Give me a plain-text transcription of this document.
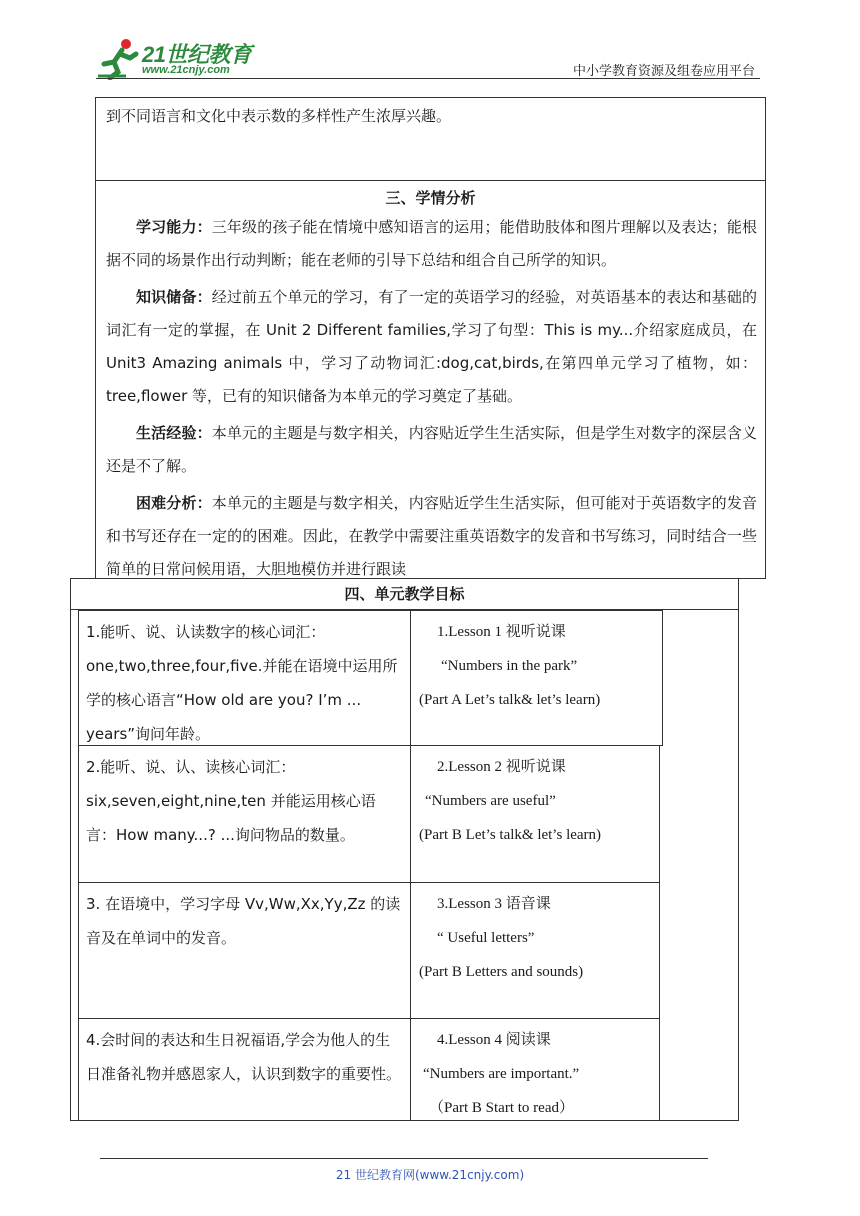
21世纪教育
www.21cnjy.com	中小学教育资源及组卷应用平台
到不同语言和文化中表示数的多样性产生浓厚兴趣。
三、学情分析

学习能力：三年级的孩子能在情境中感知语言的运用；能借助肢体和图片理解以及表达；能根据不同的场景作出行动判断；能在老师的引导下总结和组合自己所学的知识。

知识储备：经过前五个单元的学习，有了一定的英语学习的经验，对英语基本的表达和基础的词汇有一定的掌握，在 Unit 2 Different families,学习了句型：This is my...介绍家庭成员，在 Unit3 Amazing animals 中，学习了动物词汇:dog,cat,birds,在第四单元学习了植物，如：tree,flower 等，已有的知识储备为本单元的学习奠定了基础。

生活经验：本单元的主题是与数字相关，内容贴近学生生活实际，但是学生对数字的深层含义还是不了解。

困难分析：本单元的主题是与数字相关，内容贴近学生生活实际，但可能对于英语数字的发音和书写还存在一定的的困难。因此，在教学中需要注重英语数字的发音和书写练习，同时结合一些简单的日常问候用语，大胆地模仿并进行跟读

四、单元教学目标
1.能听、说、认读数字的核心词汇：one,two,three,four,five.并能在语境中运用所学的核心语言“How old are you? I’m ... years”询问年龄。
1.Lesson 1 视听说课
“Numbers in the park”
(Part A Let’s talk& let’s learn)
2.能听、说、认、读核心词汇：six,seven,eight,nine,ten 并能运用核心语言：How many...? ...询问物品的数量。
2.Lesson 2 视听说课
“Numbers are useful”
(Part B Let’s talk& let’s learn)
3. 在语境中，学习字母 Vv,Ww,Xx,Yy,Zz 的读音及在单词中的发音。
3.Lesson 3 语音课
“ Useful letters”
(Part B Letters and sounds)
4.会时间的表达和生日祝福语,学会为他人的生日准备礼物并感恩家人，认识到数字的重要性。
4.Lesson 4 阅读课
“Numbers are important.”
（Part B Start to read）
21 世纪教育网(www.21cnjy.com)
